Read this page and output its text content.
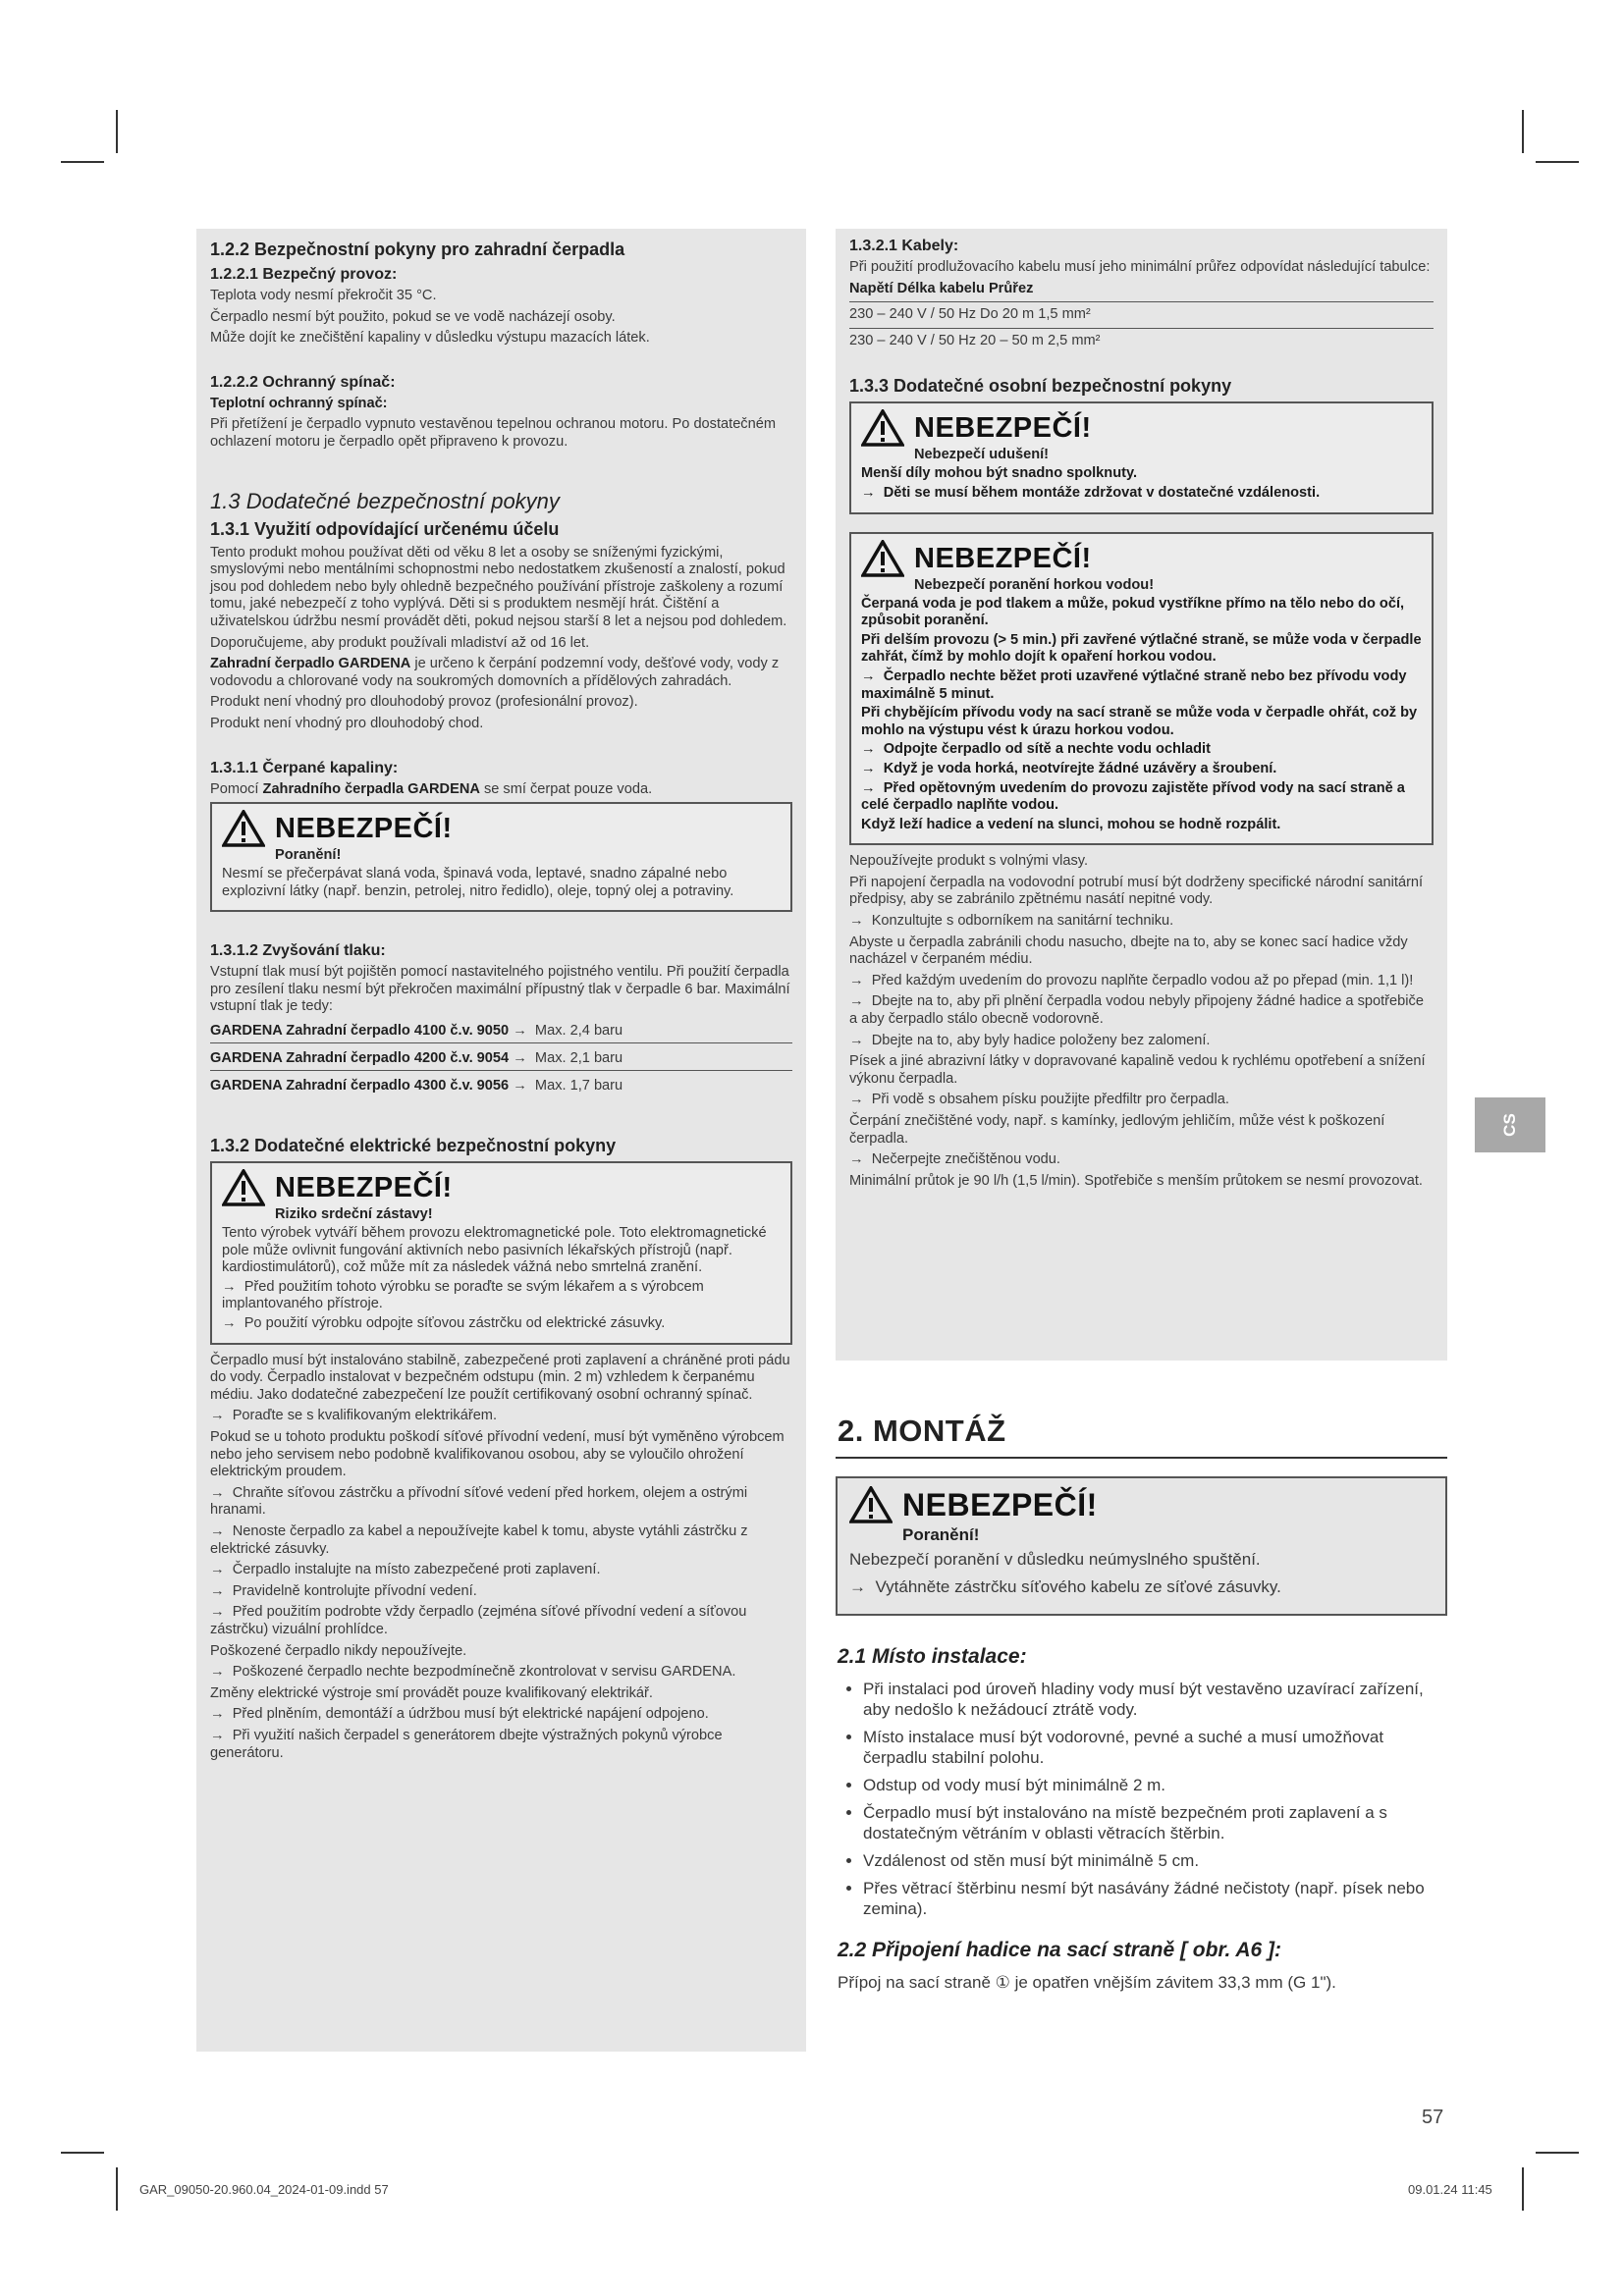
1.2.2 Bezpečnostní pokyny pro zahradní čerpadla
1.2.2.1 Bezpečný provoz:

Teplota vody nesmí překročit 35 °C.

Čerpadlo nesmí být použito, pokud se ve vodě nacházejí osoby.

Může dojít ke znečištění kapaliny v důsledku výstupu mazacích látek.

1.2.2.2 Ochranný spínač:

Teplotní ochranný spínač:

Při přetížení je čerpadlo vypnuto vestavěnou tepelnou ochranou motoru. Po dostatečném ochlazení motoru je čerpadlo opět připraveno k provozu.

1.3 Dodatečné bezpečnostní pokyny
1.3.1 Využití odpovídající určenému účelu

Tento produkt mohou používat děti od věku 8 let a osoby se sníženými fyzickými, smyslovými nebo mentálními schopnostmi nebo nedostatkem zkušeností a znalostí, pokud jsou pod dohledem nebo byly ohledně bezpečného používání přístroje zaškoleny a rozumí tomu, jaké nebezpečí z toho vyplývá. Děti si s produktem nesmějí hrát. Čištění a uživatelskou údržbu nesmí provádět děti, pokud nejsou starší 8 let a nejsou pod dohledem.

Doporučujeme, aby produkt používali mladiství až od 16 let.

Zahradní čerpadlo GARDENA je určeno k čerpání podzemní vody, dešťové vody, vody z vodovodu a chlorované vody na soukromých domovních a přídělových zahradách.

Produkt není vhodný pro dlouhodobý provoz (profesionální provoz).

Produkt není vhodný pro dlouhodobý chod.

1.3.1.1 Čerpané kapaliny:

Pomocí Zahradního čerpadla GARDENA se smí čerpat pouze voda.

NEBEZPEČÍ!
Poranění!

Nesmí se přečerpávat slaná voda, špinavá voda, leptavé, snadno zápalné nebo explozivní látky (např. benzin, petrolej, nitro ředidlo), oleje, topný olej a potraviny.

1.3.1.2 Zvyšování tlaku:

Vstupní tlak musí být pojištěn pomocí nastavitelného pojistného ventilu. Při použití čerpadla pro zesílení tlaku nesmí být překročen maximální přípustný tlak v čerpadle 6 bar. Maximální vstupní tlak je tedy:

GARDENA Zahradní čerpadlo 4100 č.v. 9050 → Max. 2,4 baru
GARDENA Zahradní čerpadlo 4200 č.v. 9054 → Max. 2,1 baru
GARDENA Zahradní čerpadlo 4300 č.v. 9056 → Max. 1,7 baru
1.3.2 Dodatečné elektrické bezpečnostní pokyny
NEBEZPEČÍ!
Riziko srdeční zástavy!

Tento výrobek vytváří během provozu elektromagnetické pole. Toto elektromagnetické pole může ovlivnit fungování aktivních nebo pasivních lékařských přístrojů (např. kardiostimulátorů), což může mít za následek vážná nebo smrtelná zranění.

→  Před použitím tohoto výrobku se poraďte se svým lékařem a s výrobcem implantovaného přístroje.

→  Po použití výrobku odpojte síťovou zástrčku od elektrické zásuvky.

Čerpadlo musí být instalováno stabilně, zabezpečené proti zaplavení a chráněné proti pádu do vody. Čerpadlo instalovat v bezpečném odstupu (min. 2 m) vzhledem k čerpanému médiu. Jako dodatečné zabezpečení lze použít certifikovaný osobní ochranný spínač.

→  Poraďte se s kvalifikovaným elektrikářem.

Pokud se u tohoto produktu poškodí síťové přívodní vedení, musí být vyměněno výrobcem nebo jeho servisem nebo podobně kvalifikovanou osobou, aby se vyloučilo ohrožení elektrickým proudem.

→  Chraňte síťovou zástrčku a přívodní síťové vedení před horkem, olejem a ostrými hranami.

→  Nenoste čerpadlo za kabel a nepoužívejte kabel k tomu, abyste vytáhli zástrčku z elektrické zásuvky.

→  Čerpadlo instalujte na místo zabezpečené proti zaplavení.

→  Pravidelně kontrolujte přívodní vedení.

→  Před použitím podrobte vždy čerpadlo (zejména síťové přívodní vedení a síťovou zástrčku) vizuální prohlídce.

Poškozené čerpadlo nikdy nepoužívejte.

→  Poškozené čerpadlo nechte bezpodmínečně zkontrolovat v servisu GARDENA.

Změny elektrické výstroje smí provádět pouze kvalifikovaný elektrikář.

→  Před plněním, demontáží a údržbou musí být elektrické napájení odpojeno.

→  Při využití našich čerpadel s generátorem dbejte výstražných pokynů výrobce generátoru.

1.3.2.1 Kabely:

Při použití prodlužovacího kabelu musí jeho minimální průřez odpovídat následující tabulce:

Napětí Délka kabelu Průřez

230 – 240 V / 50 Hz Do 20 m 1,5 mm²

230 – 240 V / 50 Hz 20 – 50 m 2,5 mm²

1.3.3 Dodatečné osobní bezpečnostní pokyny
NEBEZPEČÍ!
Nebezpečí udušení!

Menší díly mohou být snadno spolknuty.

→  Děti se musí během montáže zdržovat v dostatečné vzdálenosti.

NEBEZPEČÍ!
Nebezpečí poranění horkou vodou!

Čerpaná voda je pod tlakem a může, pokud vystříkne přímo na tělo nebo do očí, způsobit poranění.

Při delším provozu (> 5 min.) při zavřené výtlačné straně, se může voda v čerpadle zahřát, čímž by mohlo dojít k opaření horkou vodou.

→  Čerpadlo nechte běžet proti uzavřené výtlačné straně nebo bez přívodu vody maximálně 5 minut.

Při chybějícím přívodu vody na sací straně se může voda v čerpadle ohřát, což by mohlo na výstupu vést k úrazu horkou vodou.

→  Odpojte čerpadlo od sítě a nechte vodu ochladit

→  Když je voda horká, neotvírejte žádné uzávěry a šroubení.

→  Před opětovným uvedením do provozu zajistěte přívod vody na sací straně a celé čerpadlo naplňte vodou.

Když leží hadice a vedení na slunci, mohou se hodně rozpálit.

Nepoužívejte produkt s volnými vlasy.

Při napojení čerpadla na vodovodní potrubí musí být dodrženy specifické národní sanitární předpisy, aby se zabránilo zpětnému nasátí nepitné vody.

→  Konzultujte s odborníkem na sanitární techniku.

Abyste u čerpadla zabránili chodu nasucho, dbejte na to, aby se konec sací hadice vždy nacházel v čerpaném médiu.

→  Před každým uvedením do provozu naplňte čerpadlo vodou až po přepad (min. 1,1 l)!

→  Dbejte na to, aby při plnění čerpadla vodou nebyly připojeny žádné hadice a spotřebiče a aby čerpadlo stálo obecně vodorovně.

→  Dbejte na to, aby byly hadice položeny bez zalomení.

Písek a jiné abrazivní látky v dopravované kapalině vedou k rychlému opotřebení a snížení výkonu čerpadla.

→  Při vodě s obsahem písku použijte předfiltr pro čerpadla.

Čerpání znečištěné vody, např. s kamínky, jedlovým jehličím, může vést k poškození čerpadla.

→  Nečerpejte znečištěnou vodu.

Minimální průtok je 90 l/h (1,5 l/min). Spotřebiče s menším průtokem se nesmí provozovat.

2. MONTÁŽ
NEBEZPEČÍ!
Poranění!

Nebezpečí poranění v důsledku neúmyslného spuštění.

→  Vytáhněte zástrčku síťového kabelu ze síťové zásuvky.

2.1 Místo instalace:
• Při instalaci pod úroveň hladiny vody musí být vestavěno uzavírací zařízení, aby nedošlo k nežádoucí ztrátě vody.
• Místo instalace musí být vodorovné, pevné a suché a musí umožňovat čerpadlu stabilní polohu.
• Odstup od vody musí být minimálně 2 m.
• Čerpadlo musí být instalováno na místě bezpečném proti zaplavení a s dostatečným větráním v oblasti větracích štěrbin.
• Vzdálenost od stěn musí být minimálně 5 cm.
• Přes větrací štěrbinu nesmí být nasávány žádné nečistoty (např. písek nebo zemina).
2.2 Připojení hadice na sací straně [ obr. A6 ]:

Přípoj na sací straně ① je opatřen vnějším závitem 33,3 mm (G 1").

CS
57
GAR_09050-20.960.04_2024-01-09.indd 57	09.01.24 11:45
